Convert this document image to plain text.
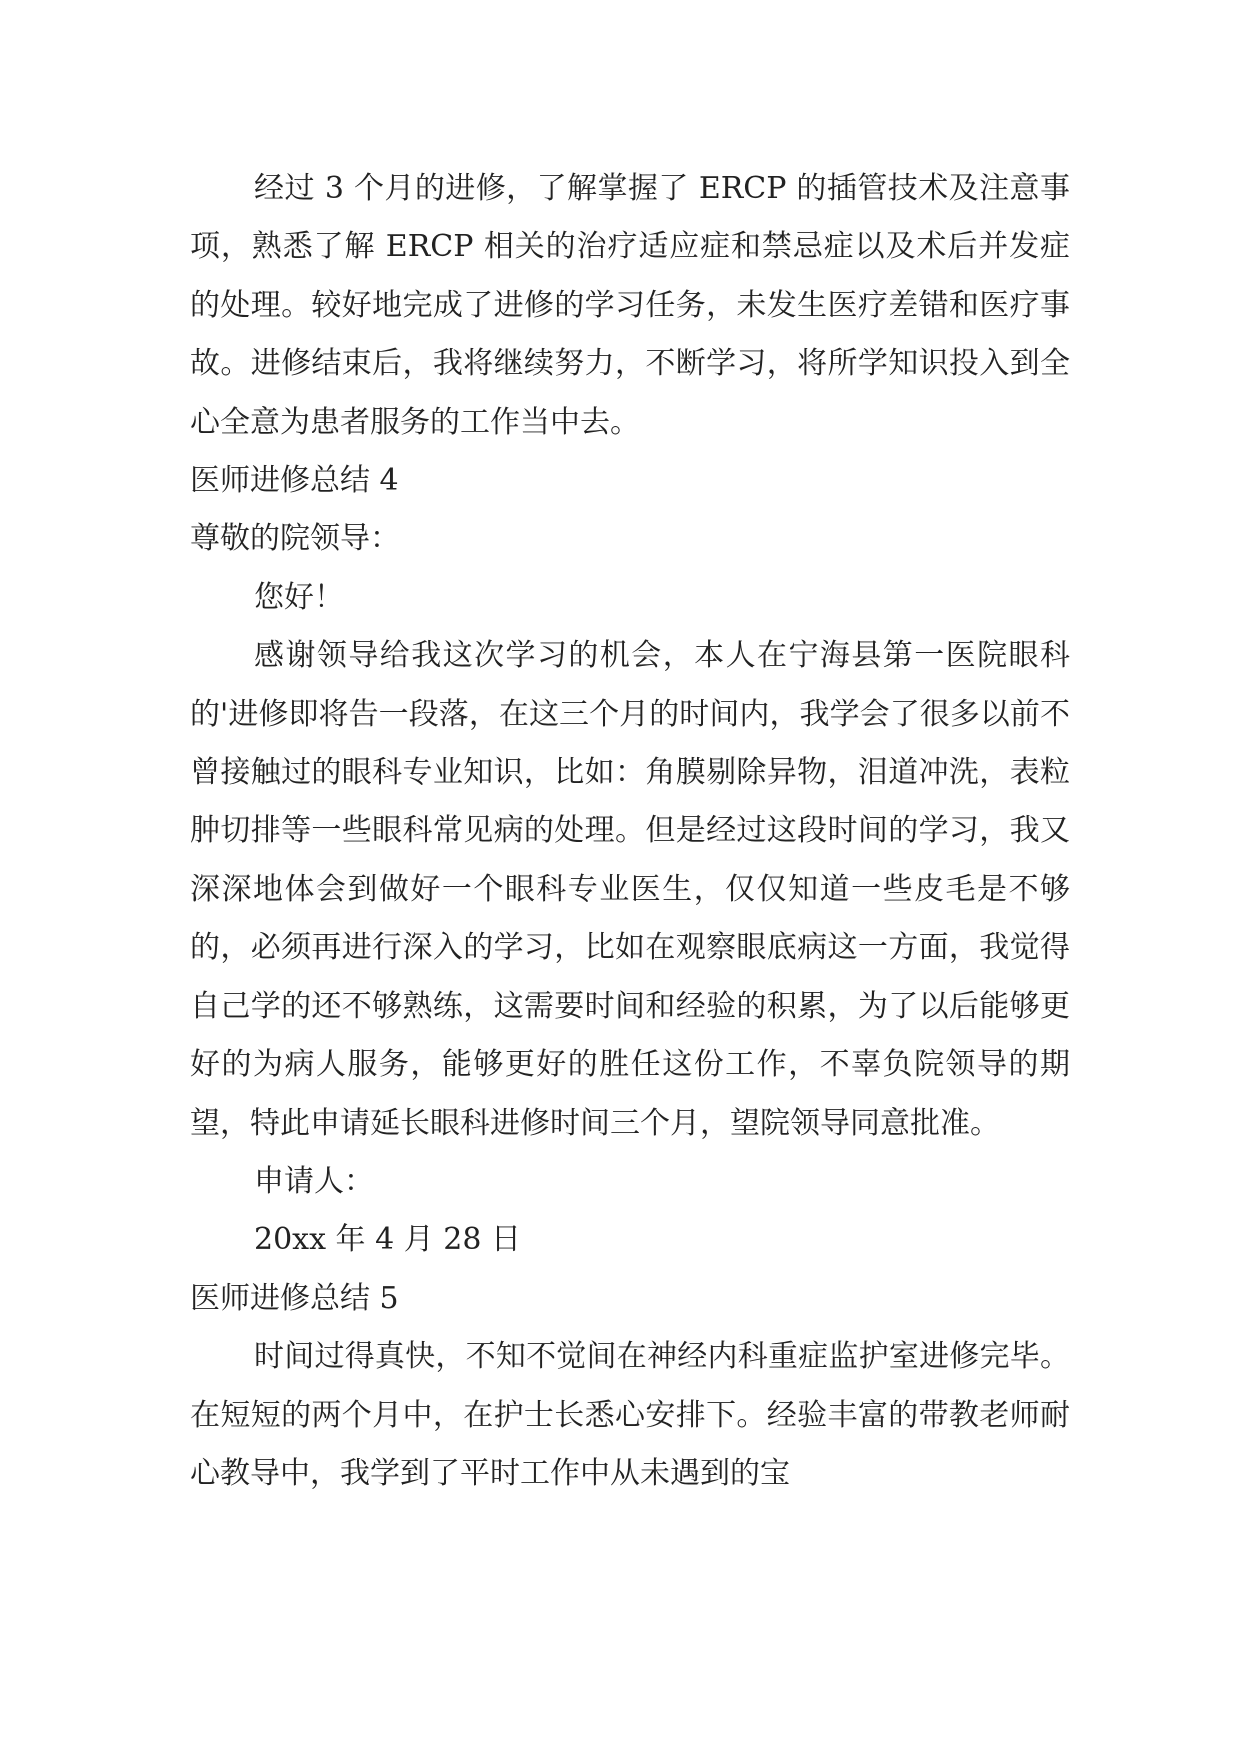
经过 3 个月的进修，了解掌握了 ERCP 的插管技术及注意事项，熟悉了解 ERCP 相关的治疗适应症和禁忌症以及术后并发症的处理。较好地完成了进修的学习任务，未发生医疗差错和医疗事故。进修结束后，我将继续努力，不断学习，将所学知识投入到全心全意为患者服务的工作当中去。

医师进修总结 4

尊敬的院领导：

您好！

感谢领导给我这次学习的机会，本人在宁海县第一医院眼科的'进修即将告一段落，在这三个月的时间内，我学会了很多以前不曾接触过的眼科专业知识，比如：角膜剔除异物，泪道冲洗，表粒肿切排等一些眼科常见病的处理。但是经过这段时间的学习，我又深深地体会到做好一个眼科专业医生，仅仅知道一些皮毛是不够的，必须再进行深入的学习，比如在观察眼底病这一方面，我觉得自己学的还不够熟练，这需要时间和经验的积累，为了以后能够更好的为病人服务，能够更好的胜任这份工作，不辜负院领导的期望，特此申请延长眼科进修时间三个月，望院领导同意批准。

申请人：

20xx 年 4 月 28 日

医师进修总结 5

时间过得真快，不知不觉间在神经内科重症监护室进修完毕。在短短的两个月中，在护士长悉心安排下。经验丰富的带教老师耐心教导中，我学到了平时工作中从未遇到的宝
